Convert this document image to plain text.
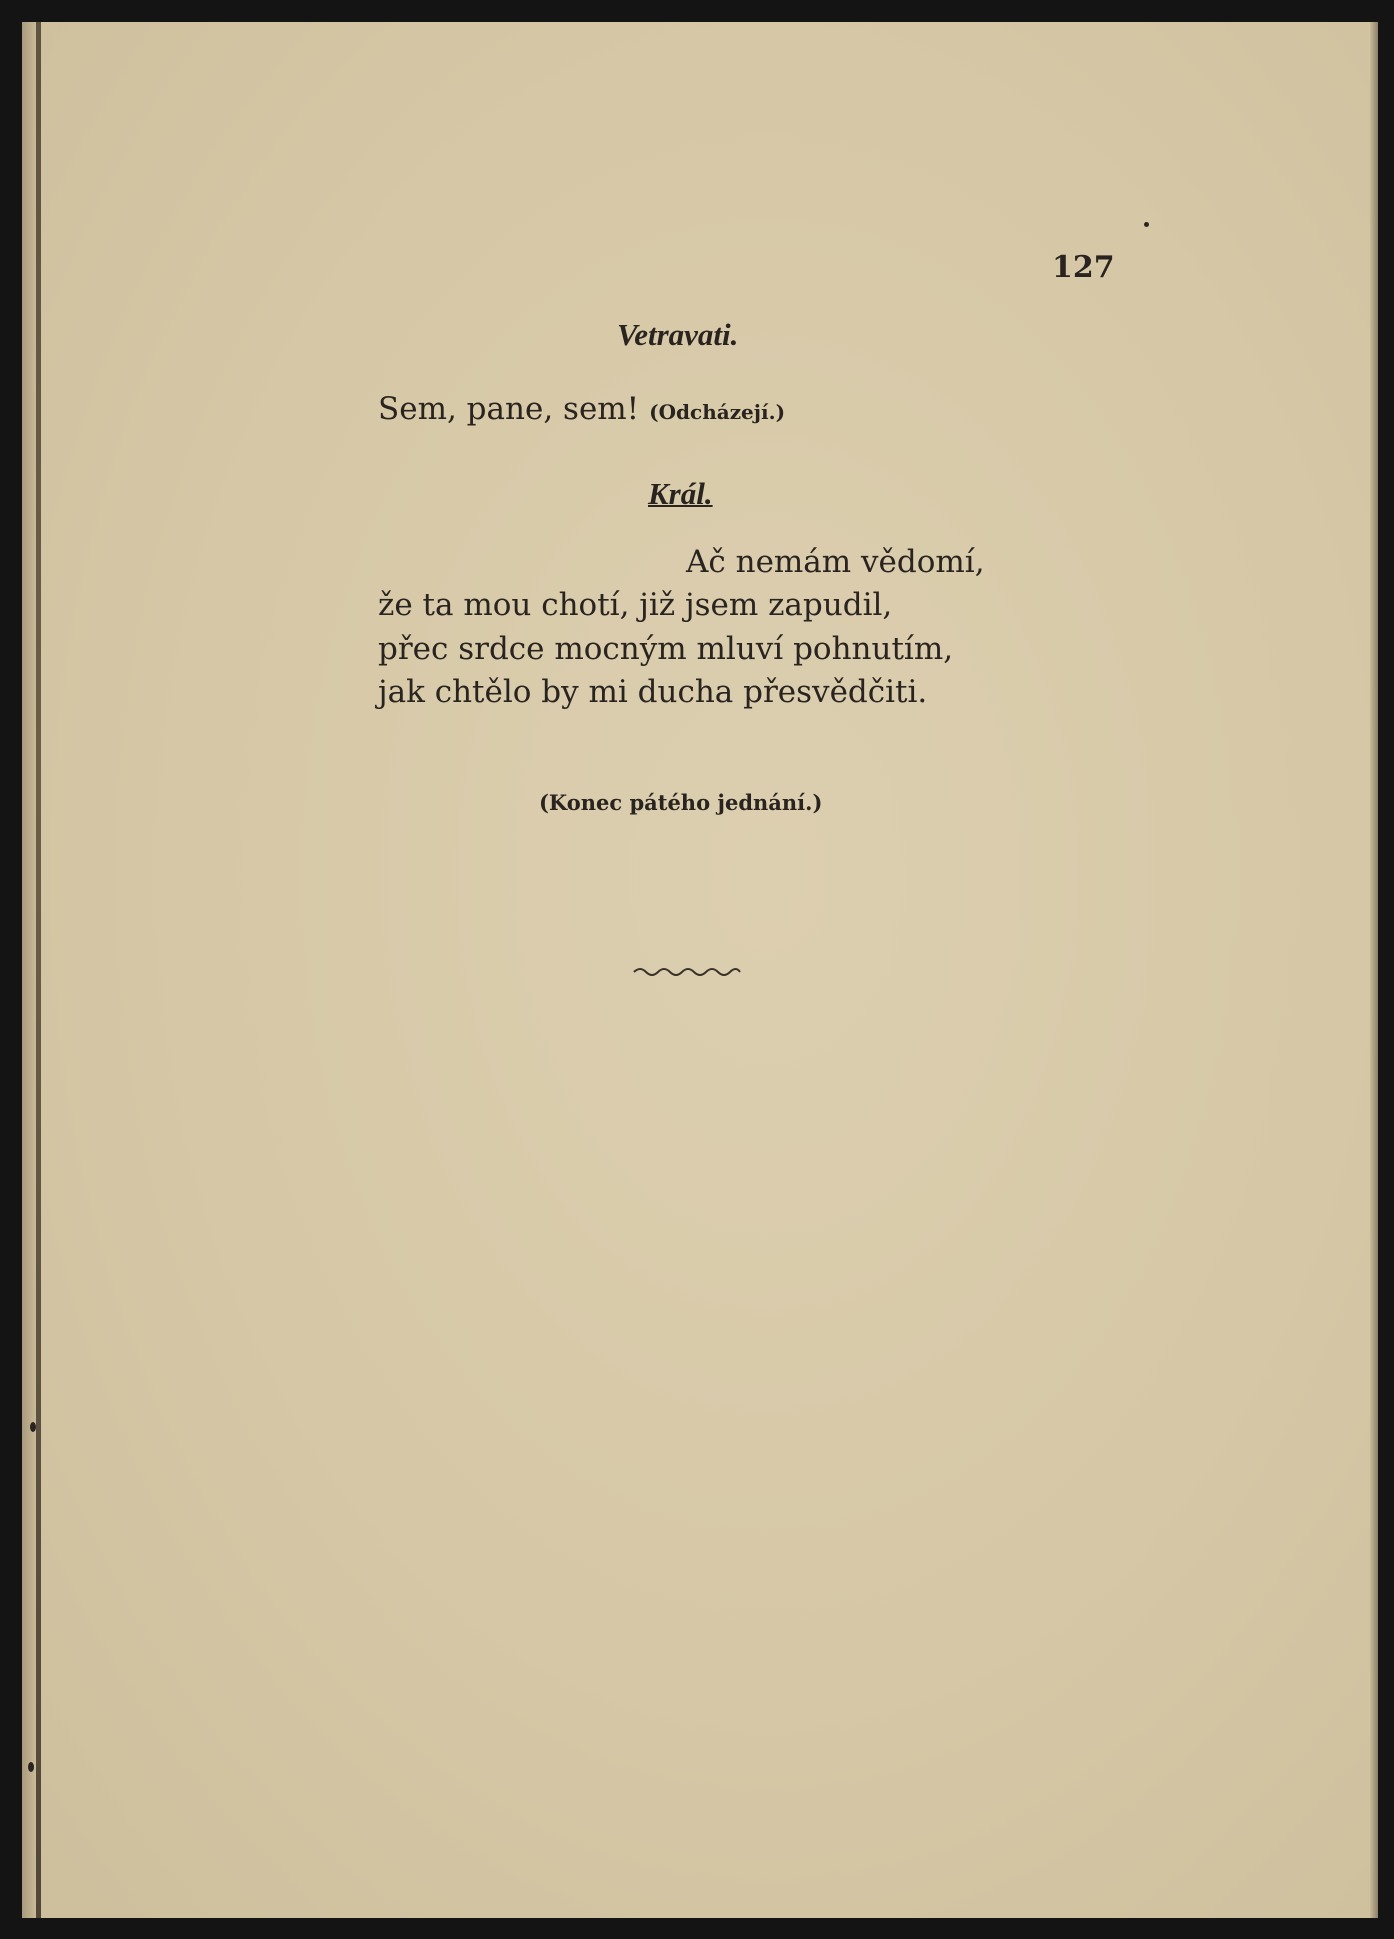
127

Vetravati.

Sem, pane, sem! (Odcházejí.)

Král.

Ač nemám vědomí,

že ta mou chotí, již jsem zapudil,

přec srdce mocným mluví pohnutím,

jak chtělo by mi ducha přesvědčiti.

(Konec pátého jednání.)
